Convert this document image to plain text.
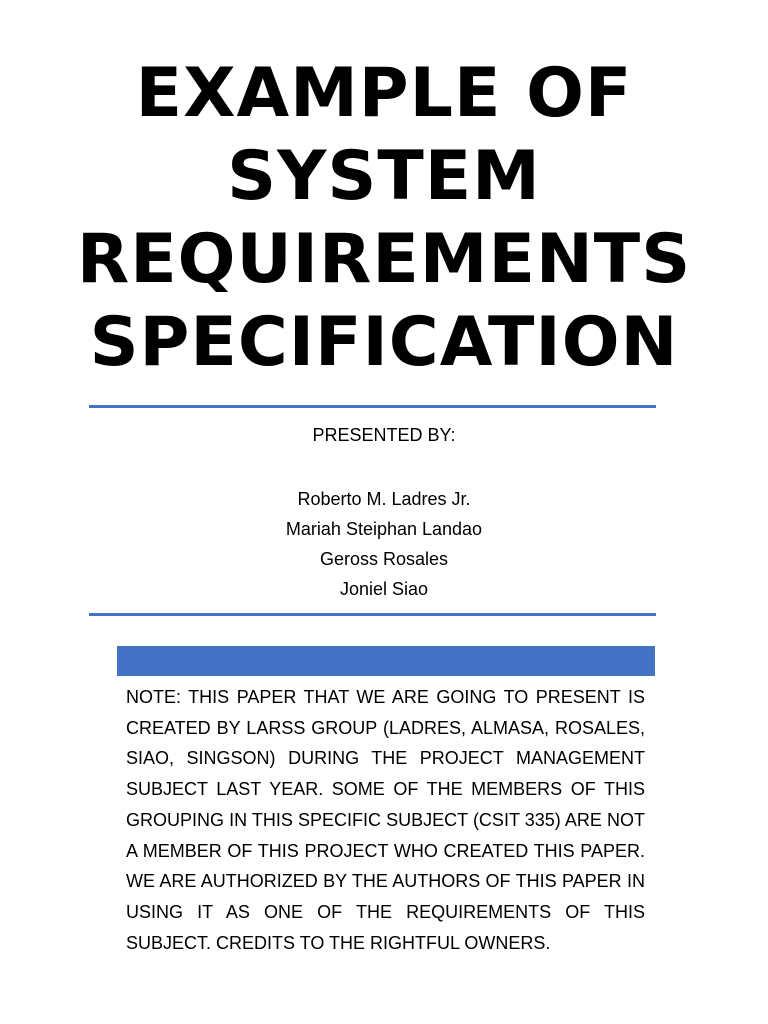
EXAMPLE OF
SYSTEM
REQUIREMENTS
SPECIFICATION
PRESENTED BY:
Roberto M. Ladres Jr.
Mariah Steiphan Landao
Geross Rosales
Joniel Siao

NOTE: THIS PAPER THAT WE ARE GOING TO PRESENT IS CREATED BY LARSS GROUP (LADRES, ALMASA, ROSALES, SIAO, SINGSON) DURING THE PROJECT MANAGEMENT SUBJECT LAST YEAR. SOME OF THE MEMBERS OF THIS GROUPING IN THIS SPECIFIC SUBJECT (CSIT 335) ARE NOT A MEMBER OF THIS PROJECT WHO CREATED THIS PAPER. WE ARE AUTHORIZED BY THE AUTHORS OF THIS PAPER IN USING IT AS ONE OF THE REQUIREMENTS OF THIS SUBJECT. CREDITS TO THE RIGHTFUL OWNERS.
